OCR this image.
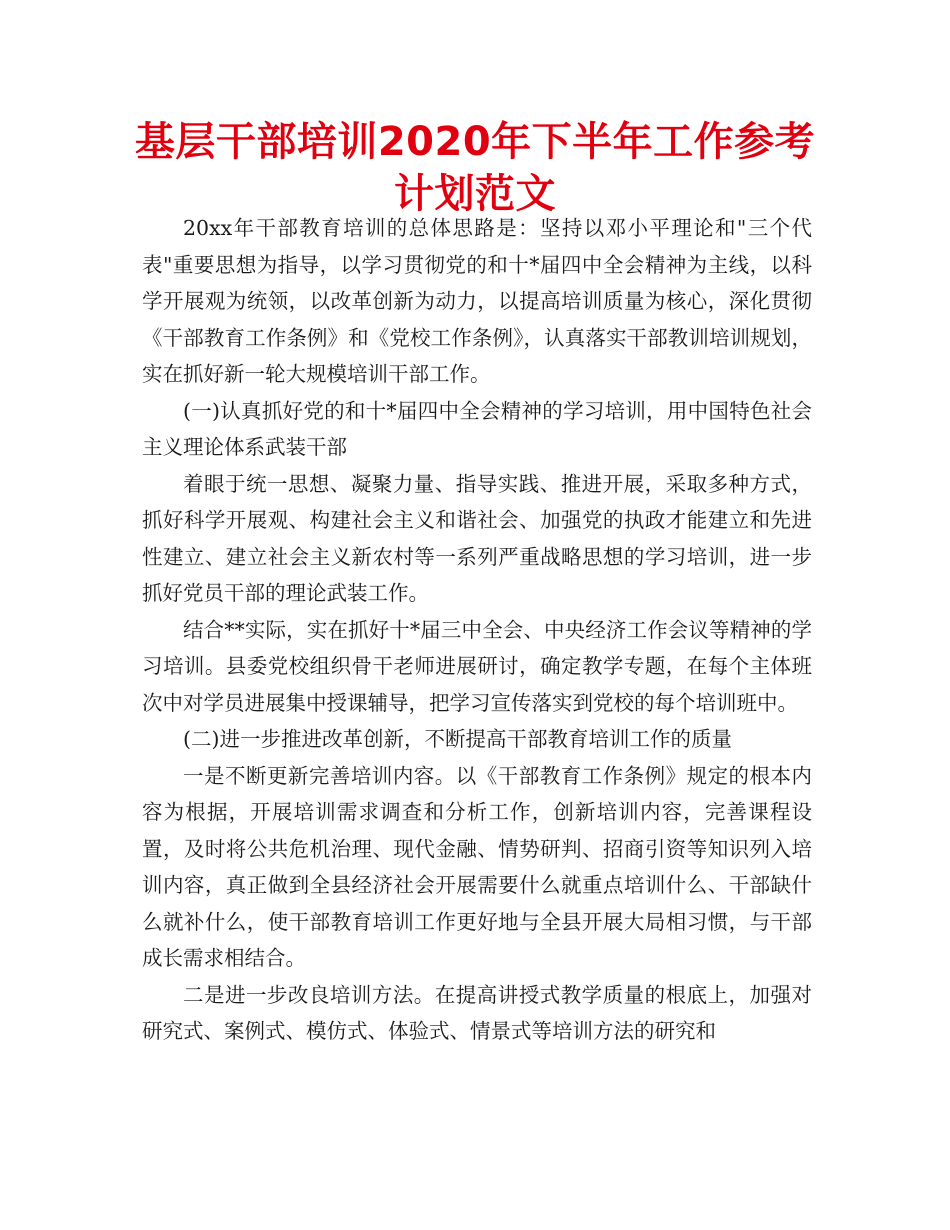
基层干部培训2020年下半年工作参考计划范文

20xx年干部教育培训的总体思路是：坚持以邓小平理论和"三个代表"重要思想为指导，以学习贯彻党的和十*届四中全会精神为主线，以科学开展观为统领，以改革创新为动力，以提高培训质量为核心，深化贯彻《干部教育工作条例》和《党校工作条例》，认真落实干部教训培训规划，实在抓好新一轮大规模培训干部工作。

(一)认真抓好党的和十*届四中全会精神的学习培训，用中国特色社会主义理论体系武装干部

着眼于统一思想、凝聚力量、指导实践、推进开展，采取多种方式，抓好科学开展观、构建社会主义和谐社会、加强党的执政才能建立和先进性建立、建立社会主义新农村等一系列严重战略思想的学习培训，进一步抓好党员干部的理论武装工作。

结合**实际，实在抓好十*届三中全会、中央经济工作会议等精神的学习培训。县委党校组织骨干老师进展研讨，确定教学专题，在每个主体班次中对学员进展集中授课辅导，把学习宣传落实到党校的每个培训班中。

(二)进一步推进改革创新，不断提高干部教育培训工作的质量

一是不断更新完善培训内容。以《干部教育工作条例》规定的根本内容为根据，开展培训需求调查和分析工作，创新培训内容，完善课程设置，及时将公共危机治理、现代金融、情势研判、招商引资等知识列入培训内容，真正做到全县经济社会开展需要什么就重点培训什么、干部缺什么就补什么，使干部教育培训工作更好地与全县开展大局相习惯，与干部成长需求相结合。

二是进一步改良培训方法。在提高讲授式教学质量的根底上，加强对研究式、案例式、模仿式、体验式、情景式等培训方法的研究和
